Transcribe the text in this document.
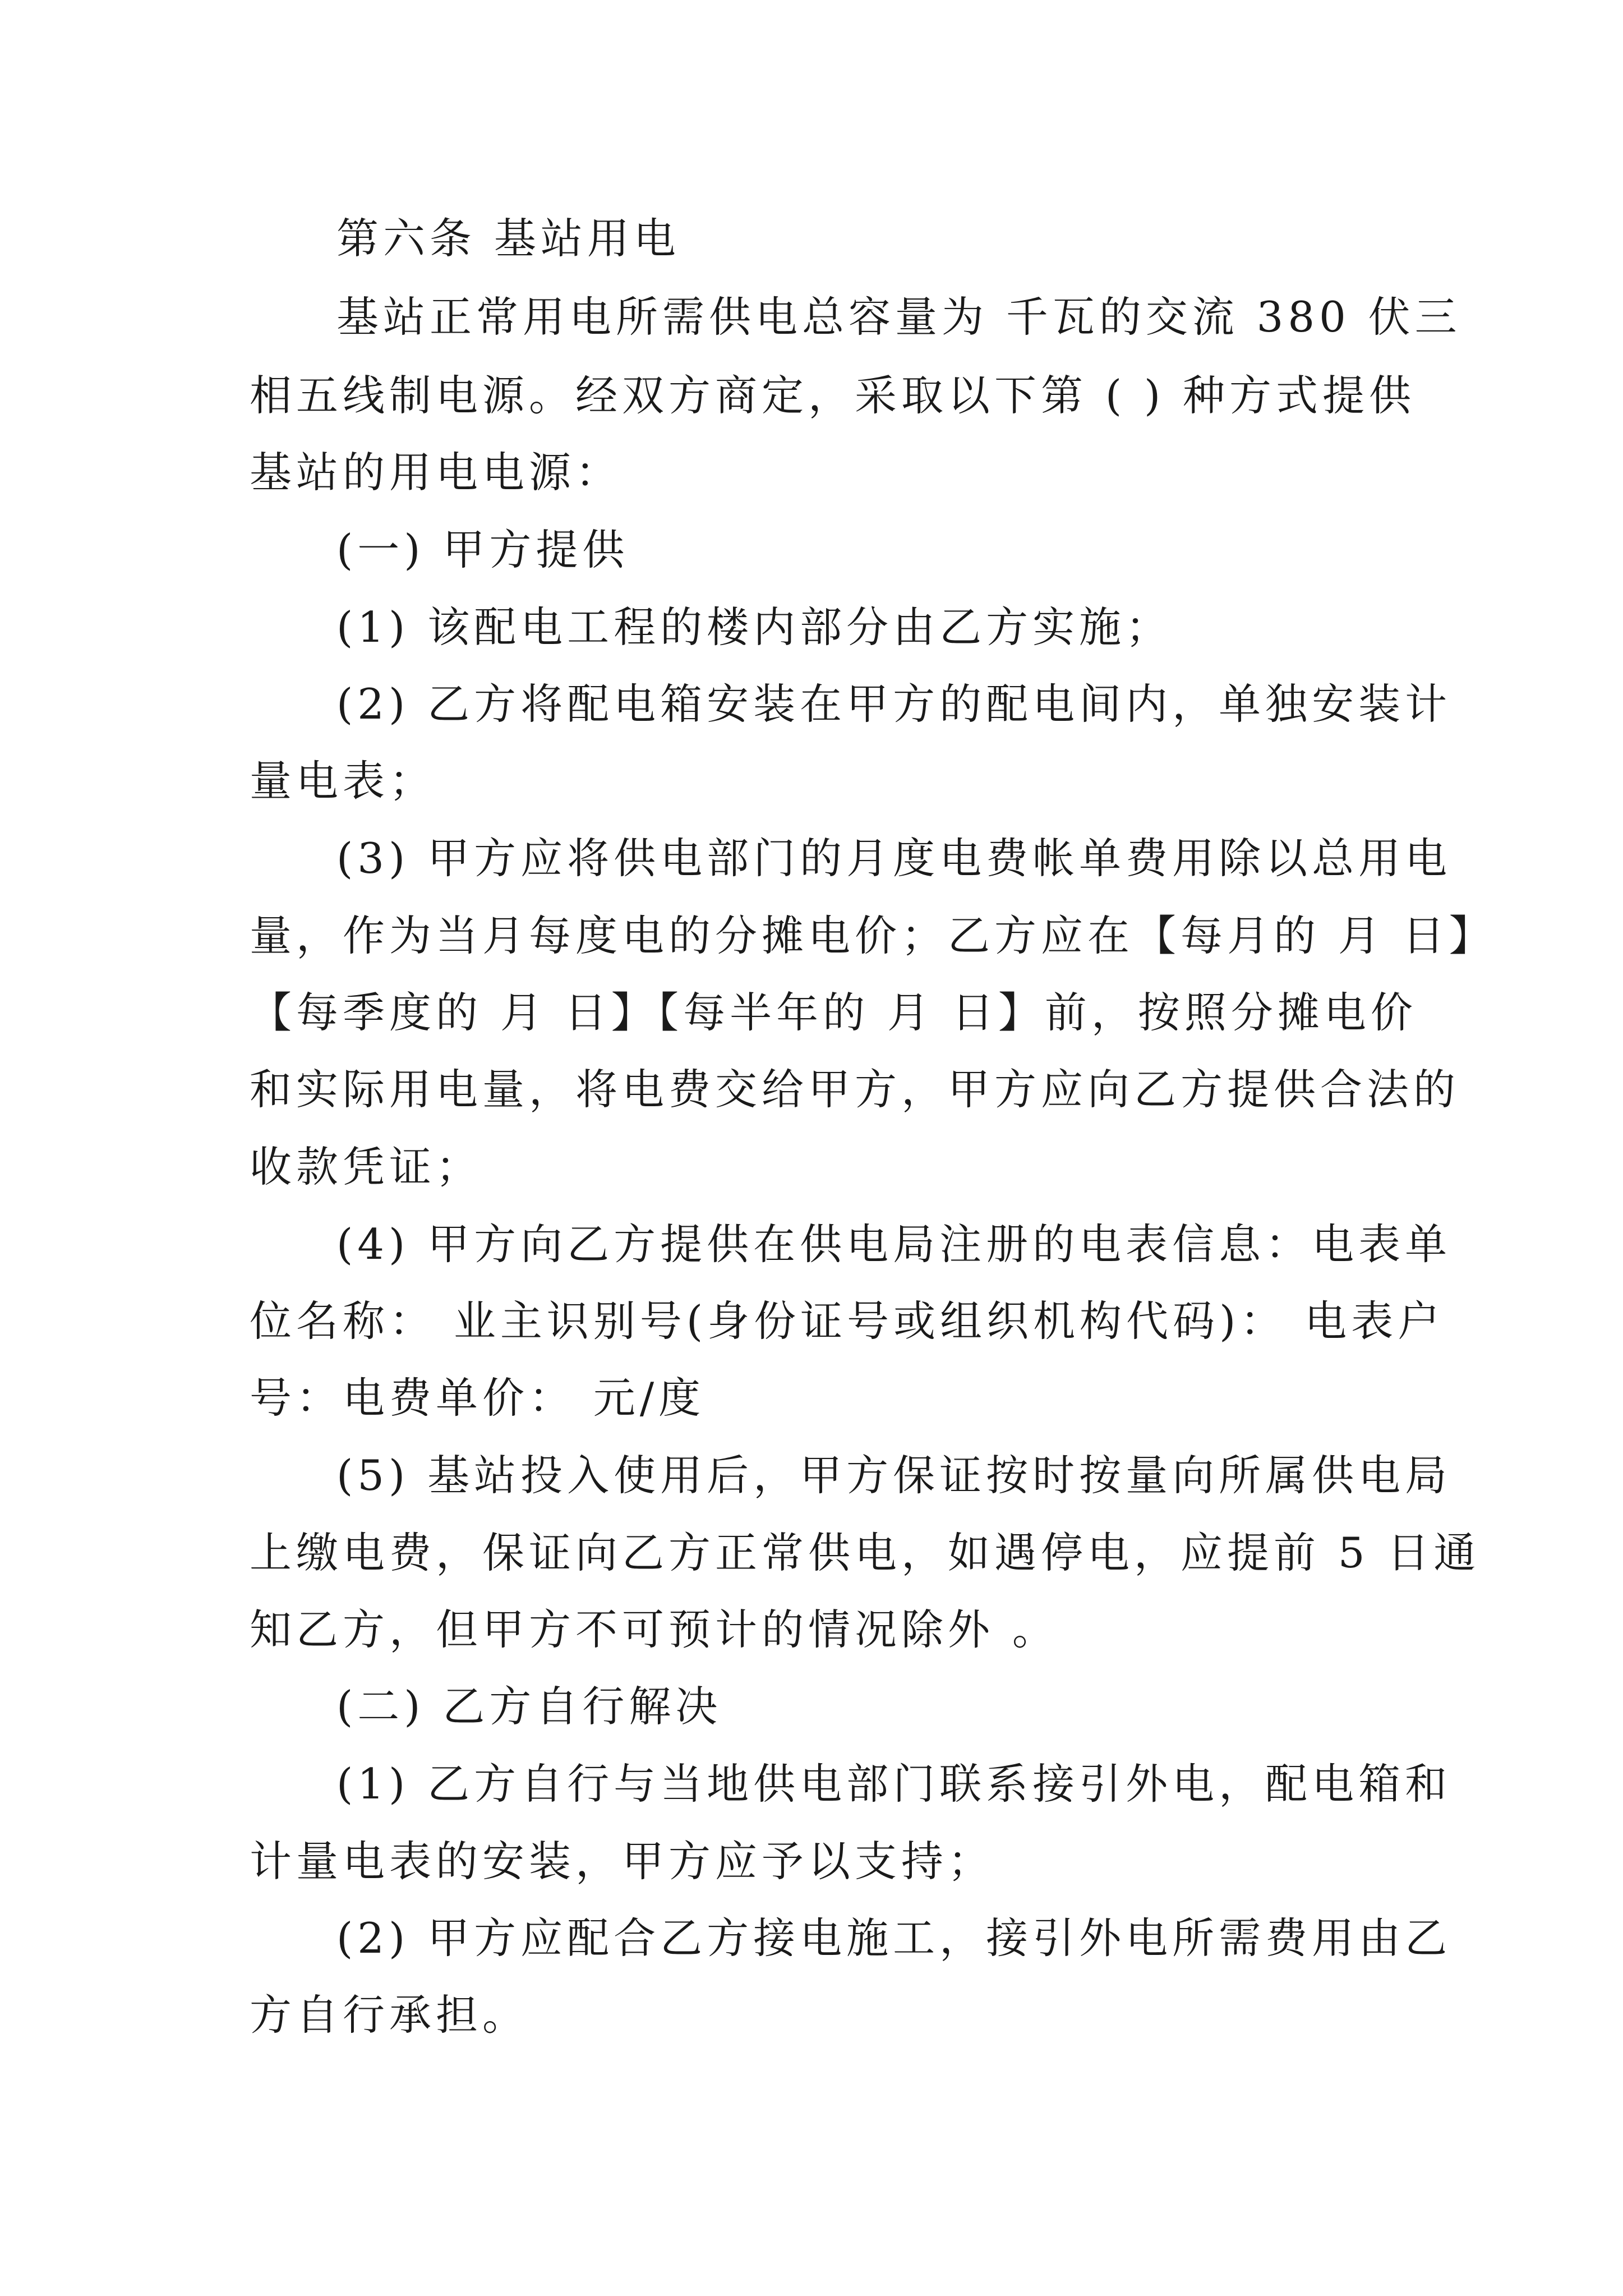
第六条 基站用电
基站正常用电所需供电总容量为 千瓦的交流 380 伏三
相五线制电源。经双方商定，采取以下第 ( ) 种方式提供
基站的用电电源：
(一) 甲方提供
(1) 该配电工程的楼内部分由乙方实施；
(2) 乙方将配电箱安装在甲方的配电间内，单独安装计
量电表；
(3) 甲方应将供电部门的月度电费帐单费用除以总用电
量，作为当月每度电的分摊电价；乙方应在【每月的 月 日】
【每季度的 月 日】【每半年的 月 日】前，按照分摊电价
和实际用电量，将电费交给甲方，甲方应向乙方提供合法的
收款凭证；
(4) 甲方向乙方提供在供电局注册的电表信息：电表单
位名称： 业主识别号(身份证号或组织机构代码)： 电表户
号：电费单价： 元/度
(5) 基站投入使用后，甲方保证按时按量向所属供电局
上缴电费，保证向乙方正常供电，如遇停电，应提前 5 日通
知乙方，但甲方不可预计的情况除外 。
(二) 乙方自行解决
(1) 乙方自行与当地供电部门联系接引外电，配电箱和
计量电表的安装，甲方应予以支持；
(2) 甲方应配合乙方接电施工，接引外电所需费用由乙
方自行承担。
